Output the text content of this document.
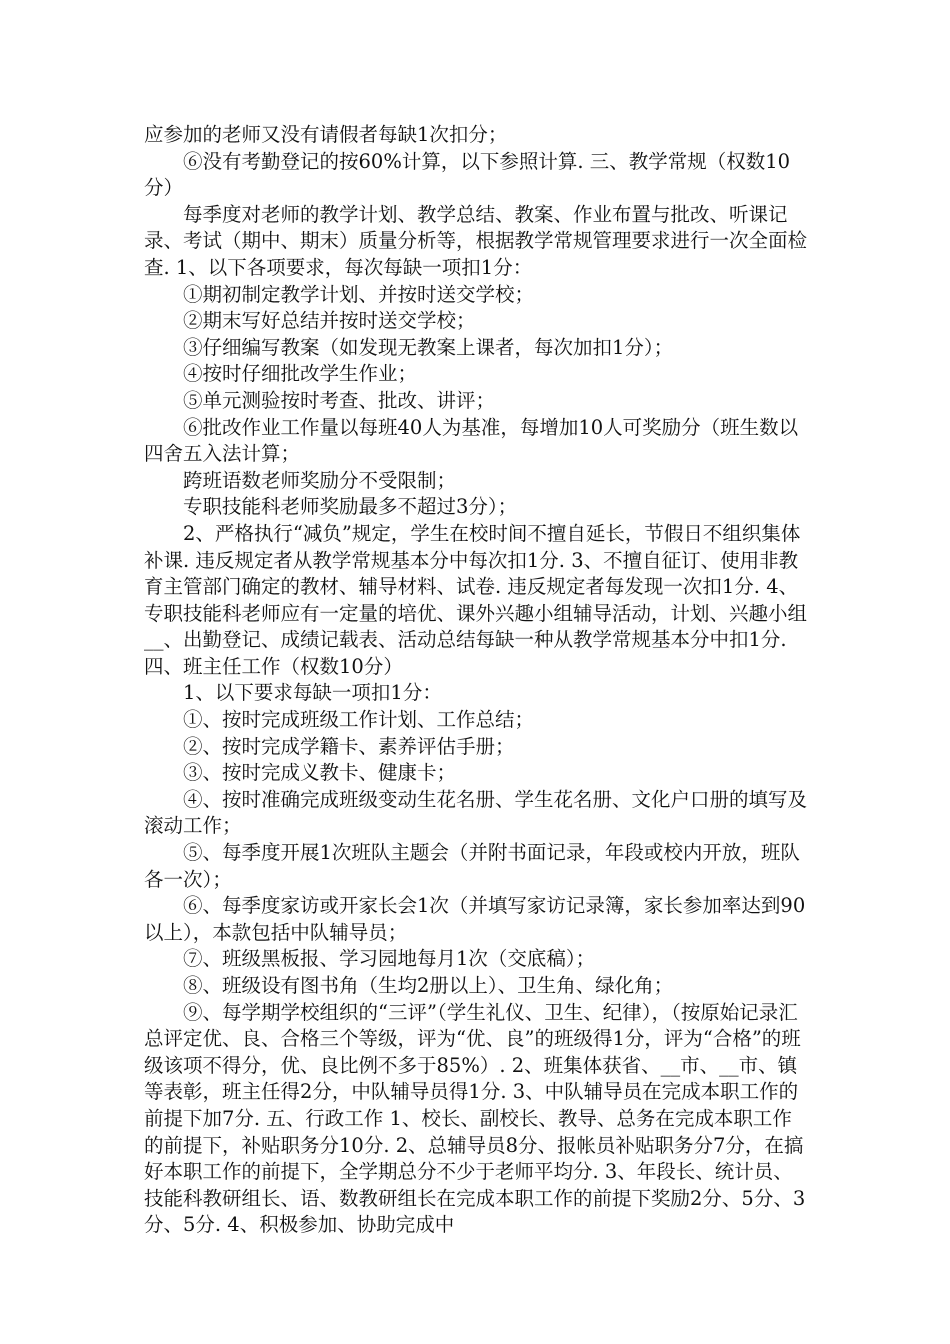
应参加的老师又没有请假者每缺1次扣分；

⑥没有考勤登记的按60%计算，以下参照计算. 三、教学常规（权数10分）

每季度对老师的教学计划、教学总结、教案、作业布置与批改、听课记录、考试（期中、期末）质量分析等，根据教学常规管理要求进行一次全面检查. 1、以下各项要求，每次每缺一项扣1分：

①期初制定教学计划、并按时送交学校；

②期末写好总结并按时送交学校；

③仔细编写教案（如发现无教案上课者，每次加扣1分）；

④按时仔细批改学生作业；

⑤单元测验按时考查、批改、讲评；

⑥批改作业工作量以每班40人为基准，每增加10人可奖励分（班生数以四舍五入法计算；

跨班语数老师奖励分不受限制；

专职技能科老师奖励最多不超过3分）；

2、严格执行“减负”规定，学生在校时间不擅自延长，节假日不组织集体补课. 违反规定者从教学常规基本分中每次扣1分. 3、不擅自征订、使用非教育主管部门确定的教材、辅导材料、试卷. 违反规定者每发现一次扣1分. 4、专职技能科老师应有一定量的培优、课外兴趣小组辅导活动，计划、兴趣小组__、出勤登记、成绩记载表、活动总结每缺一种从教学常规基本分中扣1分. 四、班主任工作（权数10分）

1、以下要求每缺一项扣1分：

①、按时完成班级工作计划、工作总结；

②、按时完成学籍卡、素养评估手册；

③、按时完成义教卡、健康卡；

④、按时准确完成班级变动生花名册、学生花名册、文化户口册的填写及滚动工作；

⑤、每季度开展1次班队主题会（并附书面记录，年段或校内开放，班队各一次）；

⑥、每季度家访或开家长会1次（并填写家访记录簿，家长参加率达到90以上），本款包括中队辅导员；

⑦、班级黑板报、学习园地每月1次（交底稿）；

⑧、班级设有图书角（生均2册以上）、卫生角、绿化角；

⑨、每学期学校组织的“三评”（学生礼仪、卫生、纪律），（按原始记录汇总评定优、良、合格三个等级，评为“优、良”的班级得1分，评为“合格”的班级该项不得分，优、良比例不多于85%）. 2、班集体获省、__市、__市、镇等表彰，班主任得2分，中队辅导员得1分. 3、中队辅导员在完成本职工作的前提下加7分. 五、行政工作 1、校长、副校长、教导、总务在完成本职工作的前提下，补贴职务分10分. 2、总辅导员8分、报帐员补贴职务分7分，在搞好本职工作的前提下，全学期总分不少于老师平均分. 3、年段长、统计员、技能科教研组长、语、数教研组长在完成本职工作的前提下奖励2分、5分、3分、5分. 4、积极参加、协助完成中
